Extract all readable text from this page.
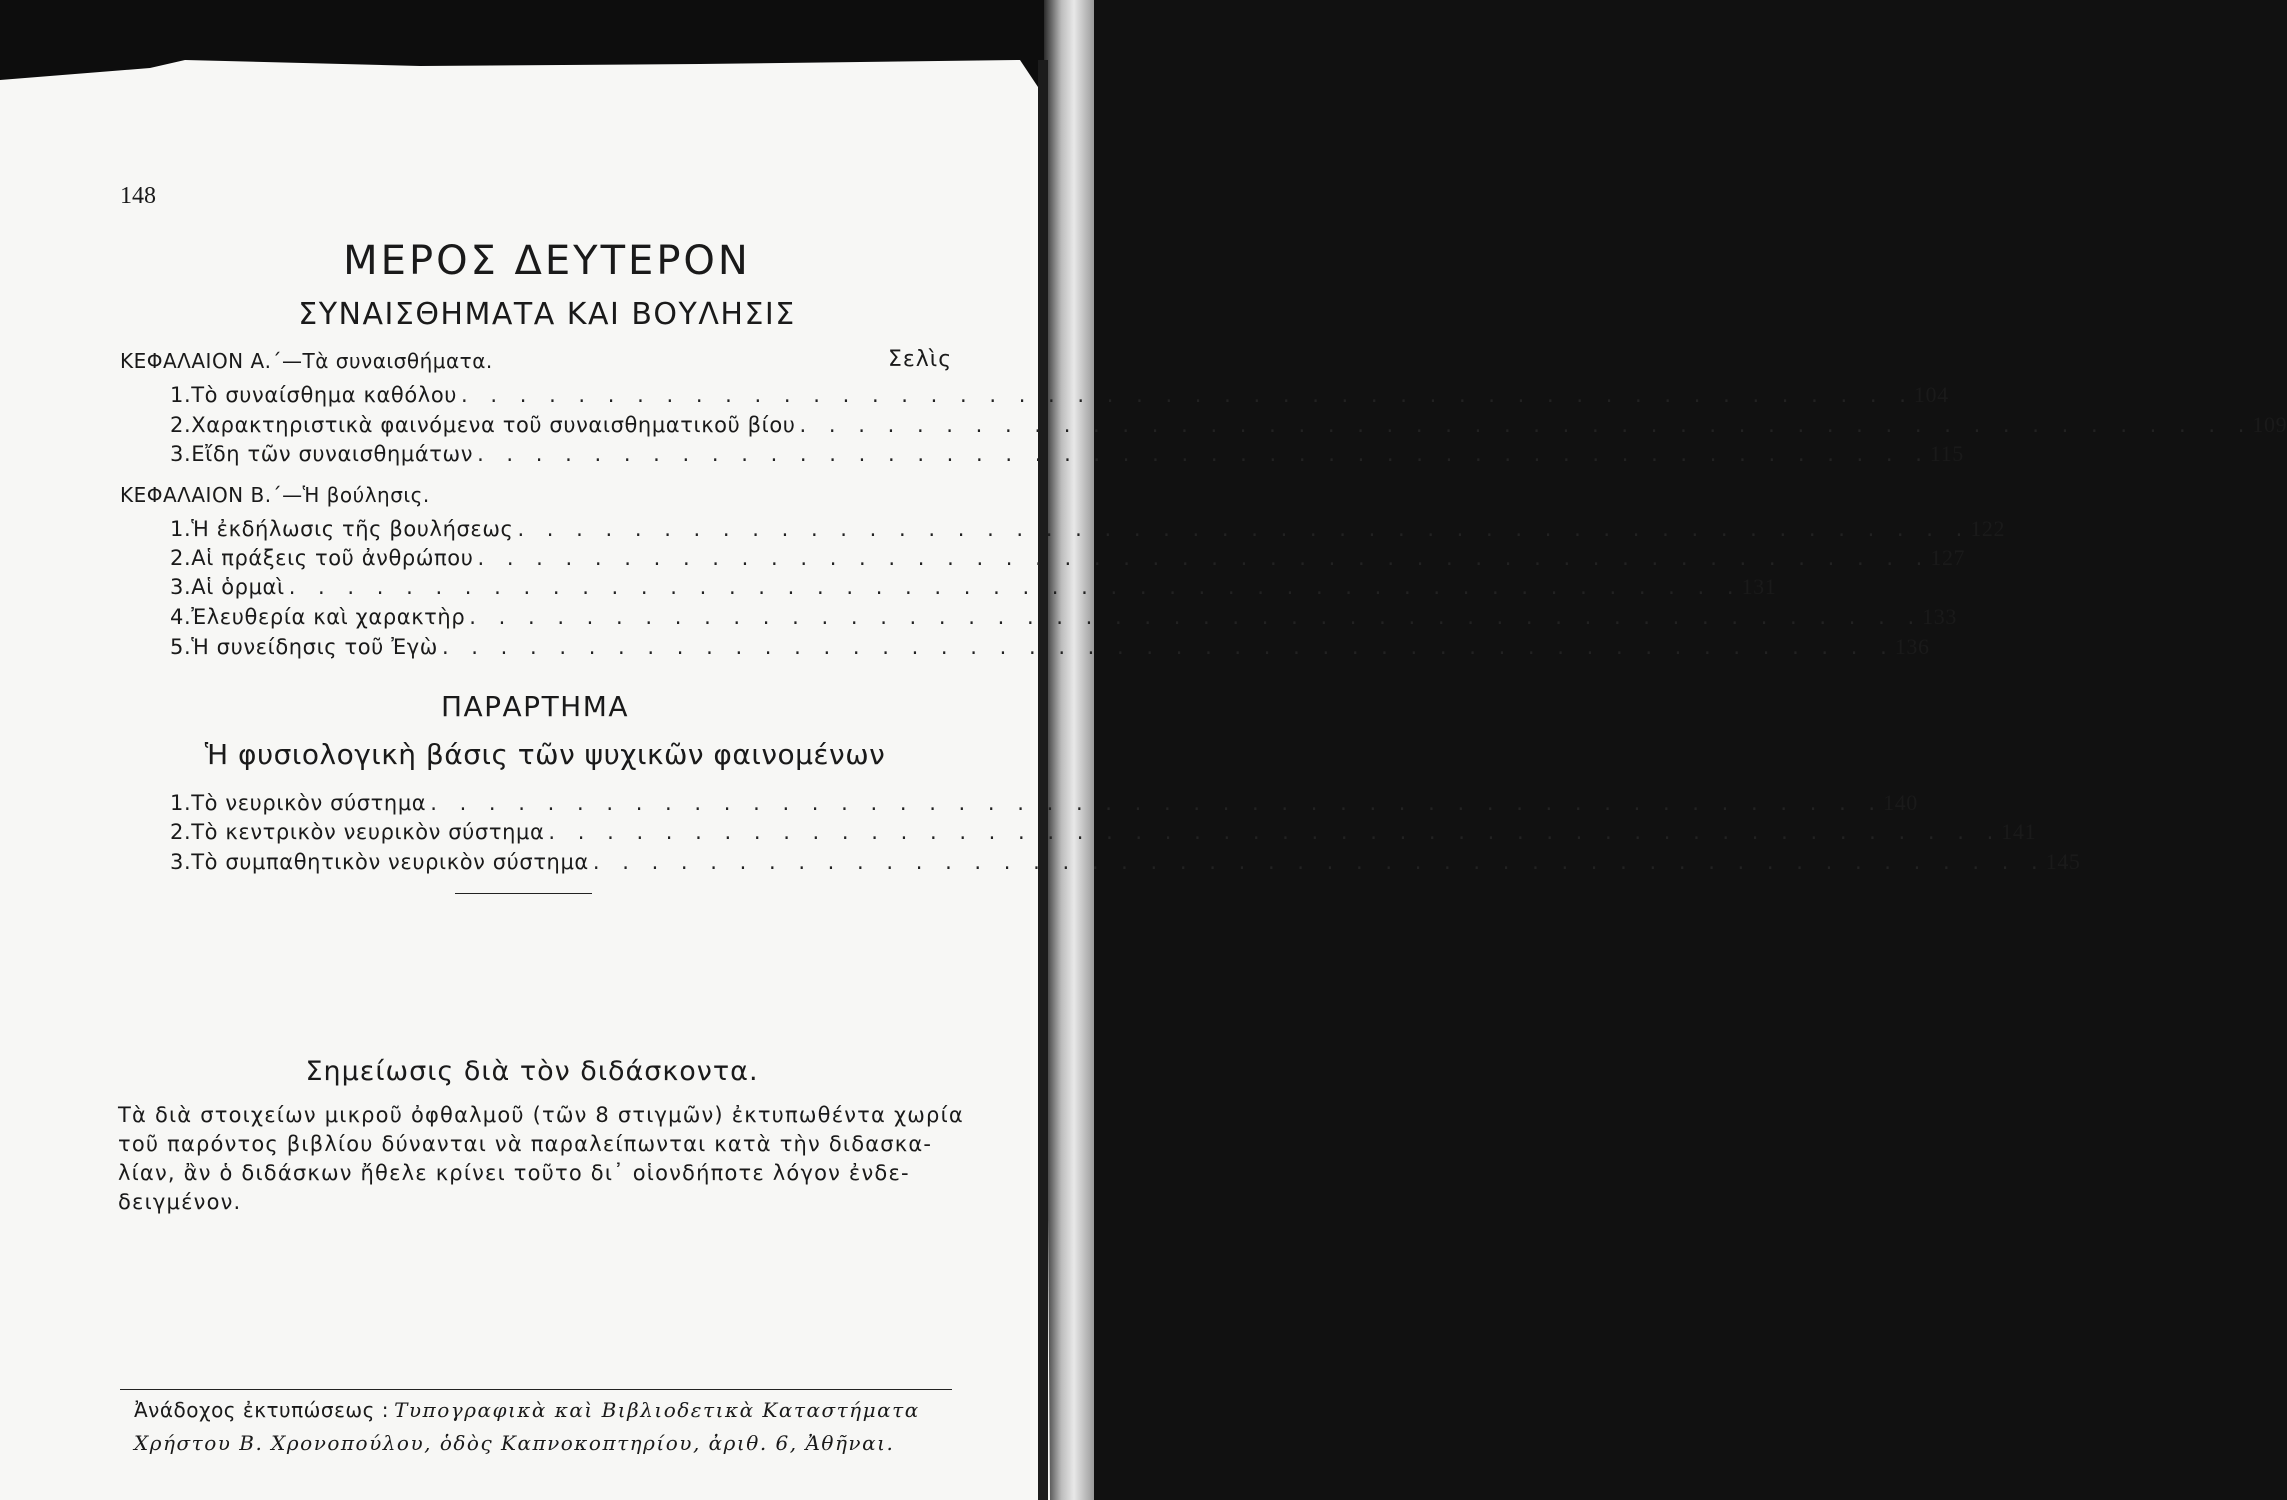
148
ΜΕΡΟΣ ΔΕΥΤΕΡΟΝ
ΣΥΝΑΙΣΘΗΜΑΤΑ ΚΑΙ ΒΟΥΛΗΣΙΣ
ΚΕΦΑΛΑΙΟΝ Α.΄—Τὰ συναισθήματα.	Σελὶς
1. Τὸ συναίσθημα καθόλου . . . . . . . . . . . . . . . . . . . . . . . . . . . . . . . . . . . . . . . . . . . . . . . . . . 104
2. Χαρακτηριστικὰ φαινόμενα τοῦ συναισθηματικοῦ βίου . . . . . . . . . . . . . . . . . . . . . . . . . . . . . . . . . . . . . . . . . . . . . . . . . . 109
3. Εἴδη τῶν συναισθημάτων . . . . . . . . . . . . . . . . . . . . . . . . . . . . . . . . . . . . . . . . . . . . . . . . . . 115
ΚΕΦΑΛΑΙΟΝ Β.΄—Ἡ βούλησις.
1. Ἡ ἐκδήλωσις τῆς βουλήσεως . . . . . . . . . . . . . . . . . . . . . . . . . . . . . . . . . . . . . . . . . . . . . . . . . . 122
2. Αἱ πράξεις τοῦ ἀνθρώπου . . . . . . . . . . . . . . . . . . . . . . . . . . . . . . . . . . . . . . . . . . . . . . . . . . 127
3. Αἱ ὁρμαὶ . . . . . . . . . . . . . . . . . . . . . . . . . . . . . . . . . . . . . . . . . . . . . . . . . . 131
4. Ἐλευθερία καὶ χαρακτὴρ . . . . . . . . . . . . . . . . . . . . . . . . . . . . . . . . . . . . . . . . . . . . . . . . . . 133
5. Ἡ συνείδησις τοῦ Ἐγὼ . . . . . . . . . . . . . . . . . . . . . . . . . . . . . . . . . . . . . . . . . . . . . . . . . . 136
ΠΑΡΑΡΤΗΜΑ
Ἡ φυσιολογικὴ βάσις τῶν ψυχικῶν φαινομένων
1. Τὸ νευρικὸν σύστημα . . . . . . . . . . . . . . . . . . . . . . . . . . . . . . . . . . . . . . . . . . . . . . . . . . 140
2. Τὸ κεντρικὸν νευρικὸν σύστημα . . . . . . . . . . . . . . . . . . . . . . . . . . . . . . . . . . . . . . . . . . . . . . . . . . 141
3. Τὸ συμπαθητικὸν νευρικὸν σύστημα . . . . . . . . . . . . . . . . . . . . . . . . . . . . . . . . . . . . . . . . . . . . . . . . . . 145
Σημείωσις διὰ τὸν διδάσκοντα.
Τὰ διὰ στοιχείων μικροῦ ὀφθαλμοῦ (τῶν 8 στιγμῶν) ἐκτυπωθέντα χωρία
τοῦ παρόντος βιβλίου δύνανται νὰ παραλείπωνται κατὰ τὴν διδασκα-
λίαν, ἂν ὁ διδάσκων ἤθελε κρίνει τοῦτο δι᾿ οἱονδήποτε λόγον ἐνδε-
δειγμένον.
Ἀνάδοχος ἐκτυπώσεως : Τυπογραφικὰ καὶ Βιβλιοδετικὰ Καταστήματα
Χρήστου Β. Χρονοπούλου, ὁδὸς Καπνοκοπτηρίου, ἀριθ. 6, Ἀθῆναι.
